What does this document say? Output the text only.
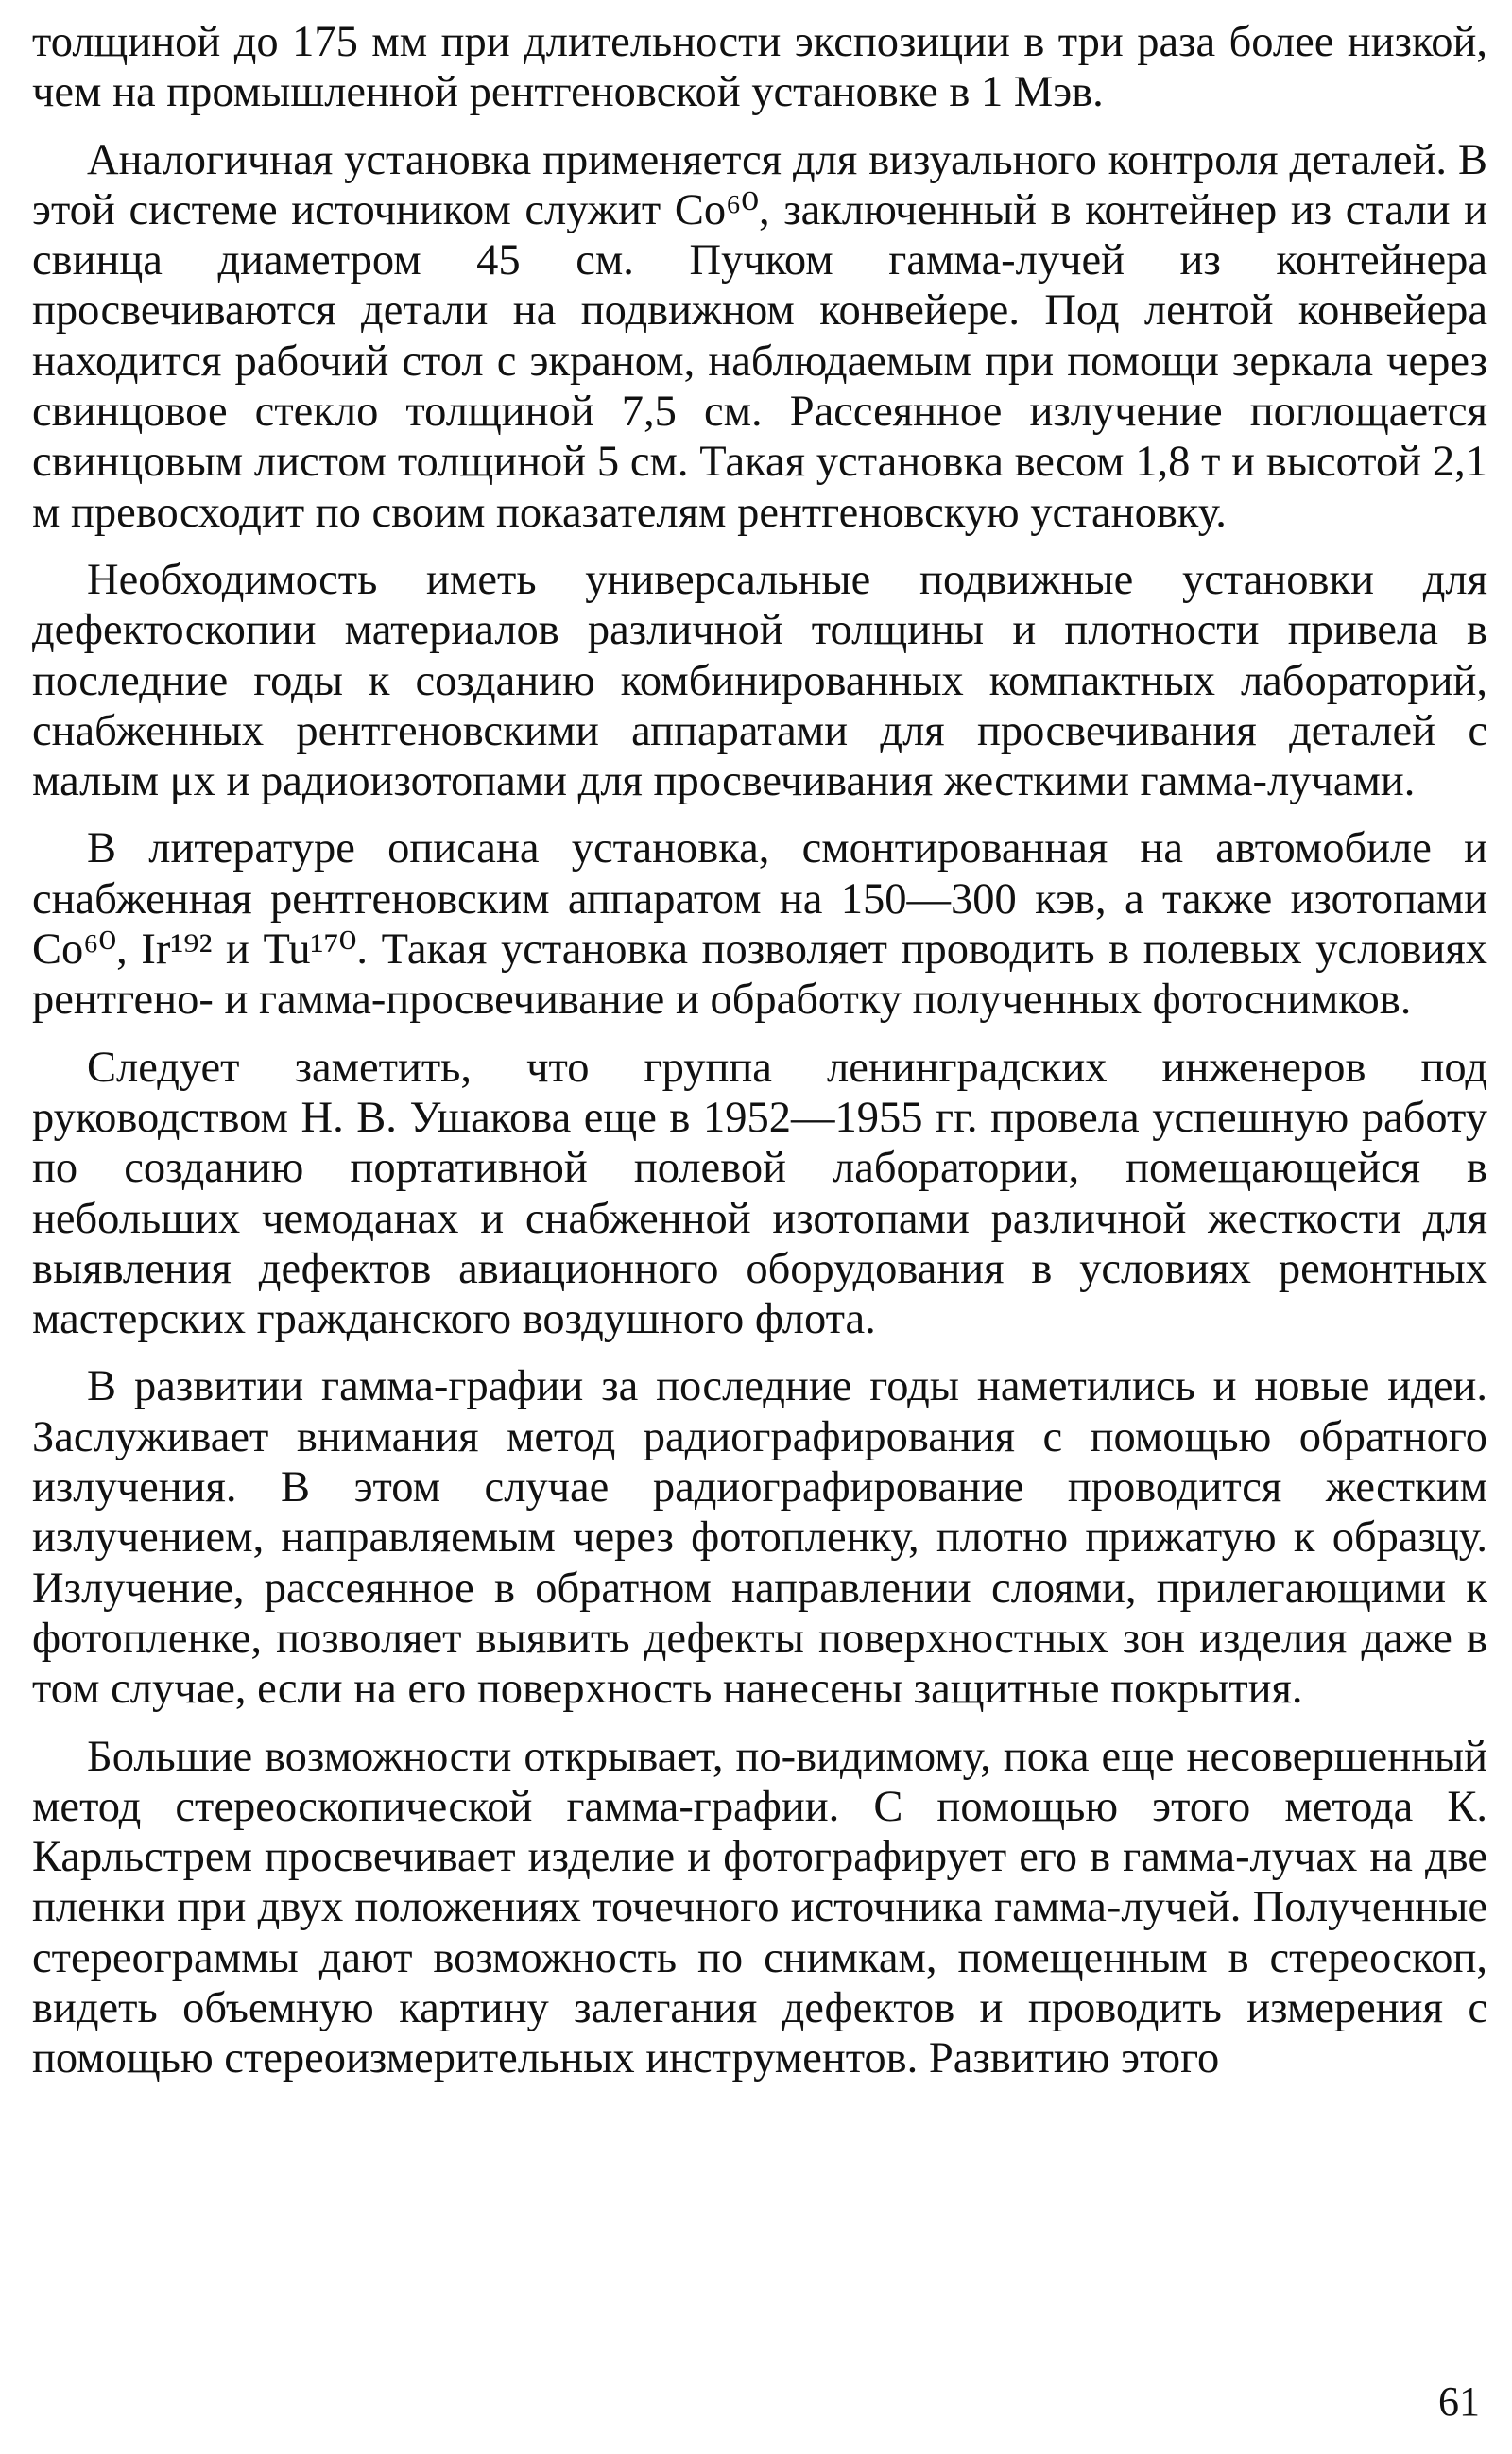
толщиной до 175 мм при длительности экспозиции в три раза более низкой, чем на промышленной рентгеновской установке в 1 Мэв.

Аналогичная установка применяется для визуального контроля деталей. В этой системе источником служит Co⁶⁰, заключенный в контейнер из стали и свинца диаметром 45 см. Пучком гамма-лучей из контейнера просвечиваются детали на подвижном конвейере. Под лентой конвейера находится рабочий стол с экраном, наблюдаемым при помощи зеркала через свинцовое стекло толщиной 7,5 см. Рассеянное излучение поглощается свинцовым листом толщиной 5 см. Такая установка весом 1,8 т и высотой 2,1 м превосходит по своим показателям рентгеновскую установку.

Необходимость иметь универсальные подвижные установки для дефектоскопии материалов различной толщины и плотности привела в последние годы к созданию комбинированных компактных лабораторий, снабженных рентгеновскими аппаратами для просвечивания деталей с малым μx и радиоизотопами для просвечивания жесткими гамма-лучами.

В литературе описана установка, смонтированная на автомобиле и снабженная рентгеновским аппаратом на 150—300 кэв, а также изотопами Co⁶⁰, Ir¹⁹² и Tu¹⁷⁰. Такая установка позволяет проводить в полевых условиях рентгено- и гамма-просвечивание и обработку полученных фотоснимков.

Следует заметить, что группа ленинградских инженеров под руководством Н. В. Ушакова еще в 1952—1955 гг. провела успешную работу по созданию портативной полевой лаборатории, помещающейся в небольших чемоданах и снабженной изотопами различной жесткости для выявления дефектов авиационного оборудования в условиях ремонтных мастерских гражданского воздушного флота.

В развитии гамма-графии за последние годы наметились и новые идеи. Заслуживает внимания метод радиографирования с помощью обратного излучения. В этом случае радиографирование проводится жестким излучением, направляемым через фотопленку, плотно прижатую к образцу. Излучение, рассеянное в обратном направлении слоями, прилегающими к фотопленке, позволяет выявить дефекты поверхностных зон изделия даже в том случае, если на его поверхность нанесены защитные покрытия.

Большие возможности открывает, по-видимому, пока еще несовершенный метод стереоскопической гамма-графии. С помощью этого метода К. Карльстрем просвечивает изделие и фотографирует его в гамма-лучах на две пленки при двух положениях точечного источника гамма-лучей. Полученные стереограммы дают возможность по снимкам, помещенным в стереоскоп, видеть объемную картину залегания дефектов и проводить измерения с помощью стереоизмерительных инструментов. Развитию этого

61
